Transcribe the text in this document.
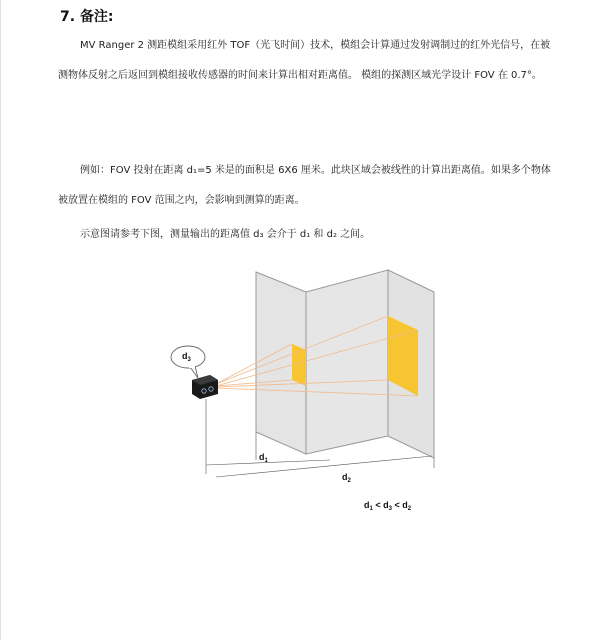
7. 备注:
MV Ranger 2 测距模组采用红外 TOF（光飞时间）技术，模组会计算通过发射调制过的红外光信号，在被测物体反射之后返回到模组接收传感器的时间来计算出相对距离值。 模组的探测区域光学设计 FOV 在 0.7°。
例如：FOV 投射在距离 d₁=5 米是的面积是 6X6 厘米。此块区域会被线性的计算出距离值。如果多个物体被放置在模组的 FOV 范围之内，会影响到测算的距离。
示意图请参考下图，测量输出的距离值 d₃ 会介于 d₁ 和 d₂ 之间。
$d_3$
$d_1$
$d_2$
$d_1 < d_3 < d_2$
